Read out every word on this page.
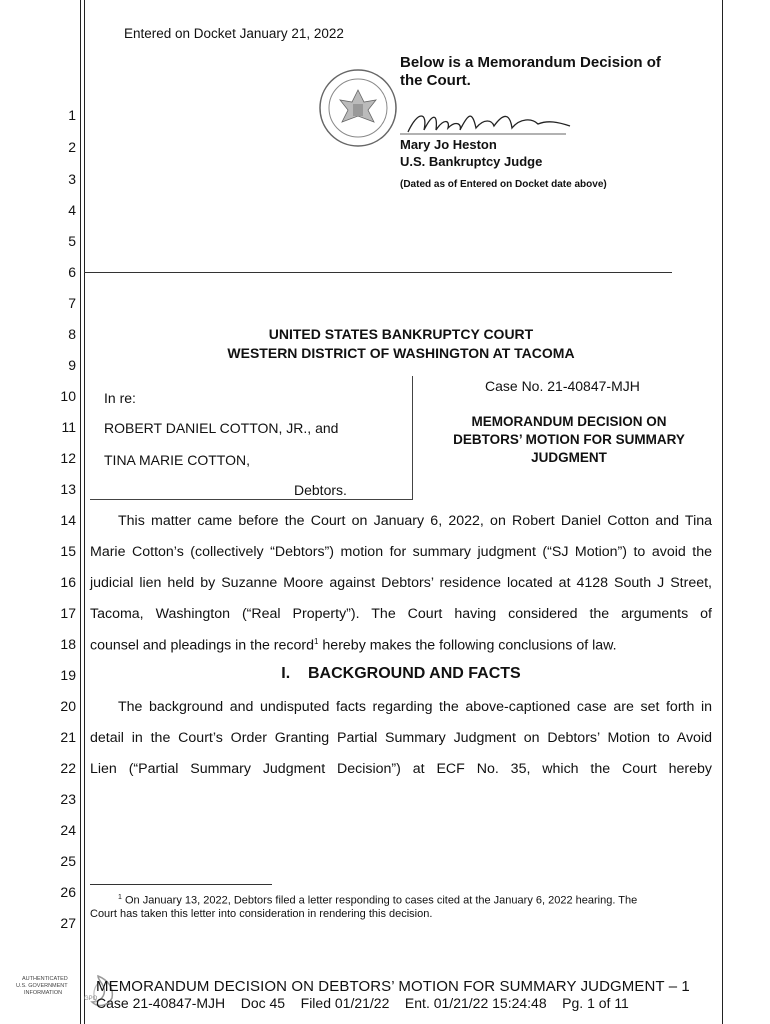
Entered on Docket January 21, 2022
Below is a Memorandum Decision of
the Court.
Mary Jo Heston
U.S. Bankruptcy Judge
(Dated as of Entered on Docket date above)
1
2
3
4
5
6
7
8
9
10
11
12
13
14
15
16
17
18
19
20
21
22
23
24
25
26
27
UNITED STATES BANKRUPTCY COURT
WESTERN DISTRICT OF WASHINGTON AT TACOMA
In re:
ROBERT DANIEL COTTON, JR., and
TINA MARIE COTTON,
Debtors.
Case No. 21-40847-MJH
MEMORANDUM DECISION ON
DEBTORS’ MOTION FOR SUMMARY
JUDGMENT
This matter came before the Court on January 6, 2022, on Robert Daniel Cotton and Tina
Marie Cotton’s (collectively “Debtors”) motion for summary judgment (“SJ Motion”) to avoid the
judicial lien held by Suzanne Moore against Debtors’ residence located at 4128 South J Street,
Tacoma, Washington (“Real Property”). The Court having considered the arguments of
counsel and pleadings in the record$^1$ hereby makes the following conclusions of law.
I.    BACKGROUND AND FACTS
The background and undisputed facts regarding the above-captioned case are set forth in
detail in the Court’s Order Granting Partial Summary Judgment on Debtors’ Motion to Avoid
Lien (“Partial Summary Judgment Decision”) at ECF No. 35, which the Court hereby
$^1$ On January 13, 2022, Debtors filed a letter responding to cases cited at the January 6, 2022 hearing. The
Court has taken this letter into consideration in rendering this decision.
AUTHENTICATED
U.S. GOVERNMENT
INFORMATION
GPO
MEMORANDUM DECISION ON DEBTORS’ MOTION FOR SUMMARY JUDGMENT – 1
Case 21-40847-MJH    Doc 45    Filed 01/21/22    Ent. 01/21/22 15:24:48    Pg. 1 of 11
